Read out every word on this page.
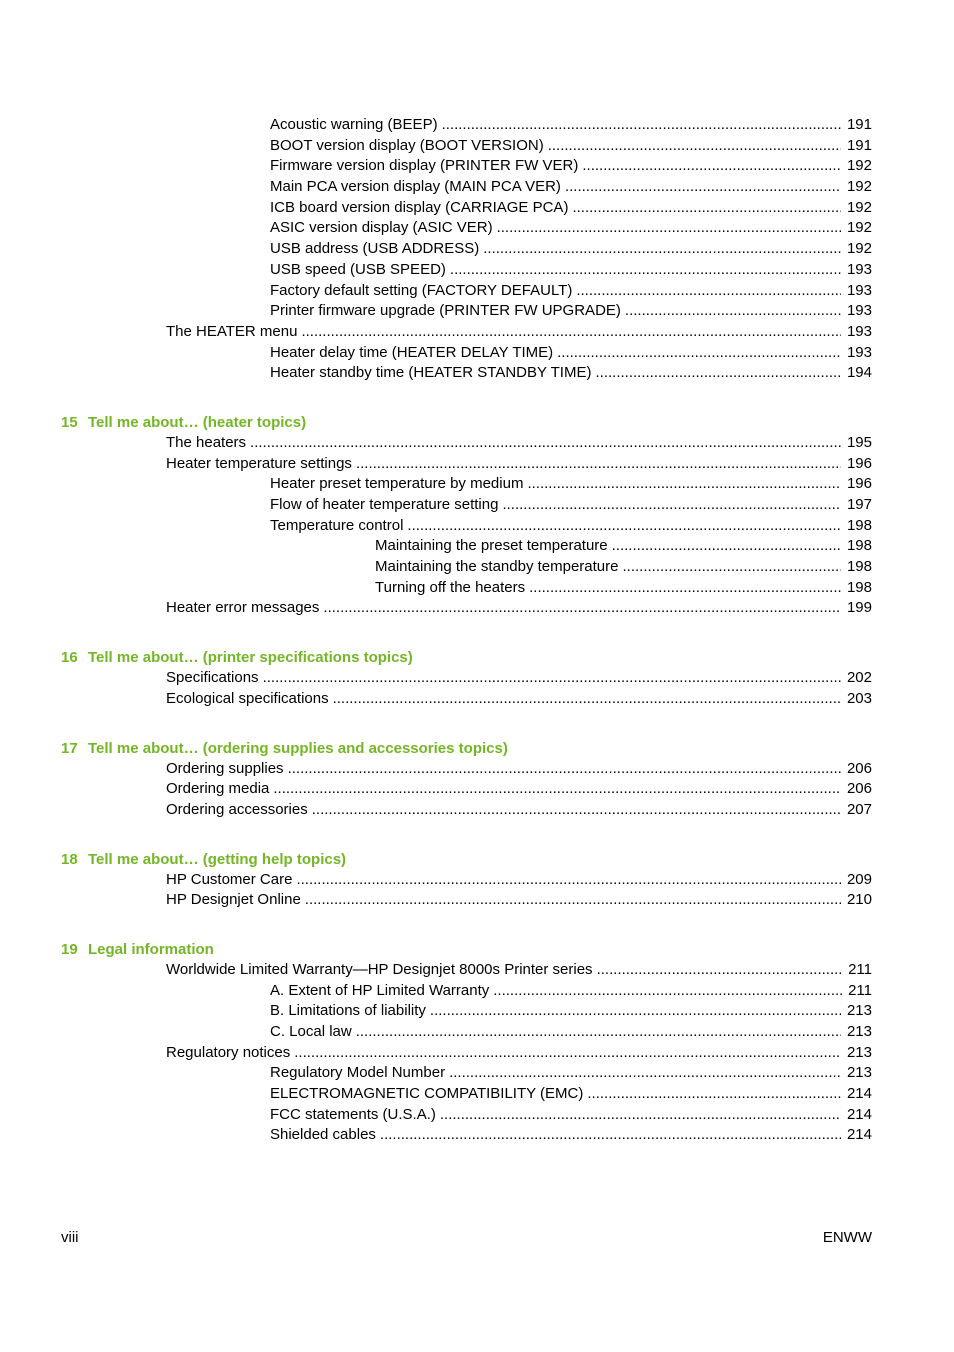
Acoustic warning (BEEP) .....	191
BOOT version display (BOOT VERSION) .....	191
Firmware version display (PRINTER FW VER) .....	192
Main PCA version display (MAIN PCA VER) .....	192
ICB board version display (CARRIAGE PCA) .....	192
ASIC version display (ASIC VER) .....	192
USB address (USB ADDRESS) .....	192
USB speed (USB SPEED) .....	193
Factory default setting (FACTORY DEFAULT) .....	193
Printer firmware upgrade (PRINTER FW UPGRADE) .....	193
The HEATER menu .....	193
Heater delay time (HEATER DELAY TIME) .....	193
Heater standby time (HEATER STANDBY TIME) .....	194
15 Tell me about… (heater topics)
The heaters .....	195
Heater temperature settings .....	196
Heater preset temperature by medium .....	196
Flow of heater temperature setting .....	197
Temperature control .....	198
Maintaining the preset temperature .....	198
Maintaining the standby temperature .....	198
Turning off the heaters .....	198
Heater error messages .....	199
16 Tell me about… (printer specifications topics)
Specifications .....	202
Ecological specifications .....	203
17 Tell me about… (ordering supplies and accessories topics)
Ordering supplies .....	206
Ordering media .....	206
Ordering accessories .....	207
18 Tell me about… (getting help topics)
HP Customer Care .....	209
HP Designjet Online .....	210
19 Legal information
Worldwide Limited Warranty—HP Designjet 8000s Printer series .....	211
A. Extent of HP Limited Warranty .....	211
B. Limitations of liability .....	213
C. Local law .....	213
Regulatory notices .....	213
Regulatory Model Number .....	213
ELECTROMAGNETIC COMPATIBILITY (EMC) .....	214
FCC statements (U.S.A.) .....	214
Shielded cables .....	214
viii	ENWW
